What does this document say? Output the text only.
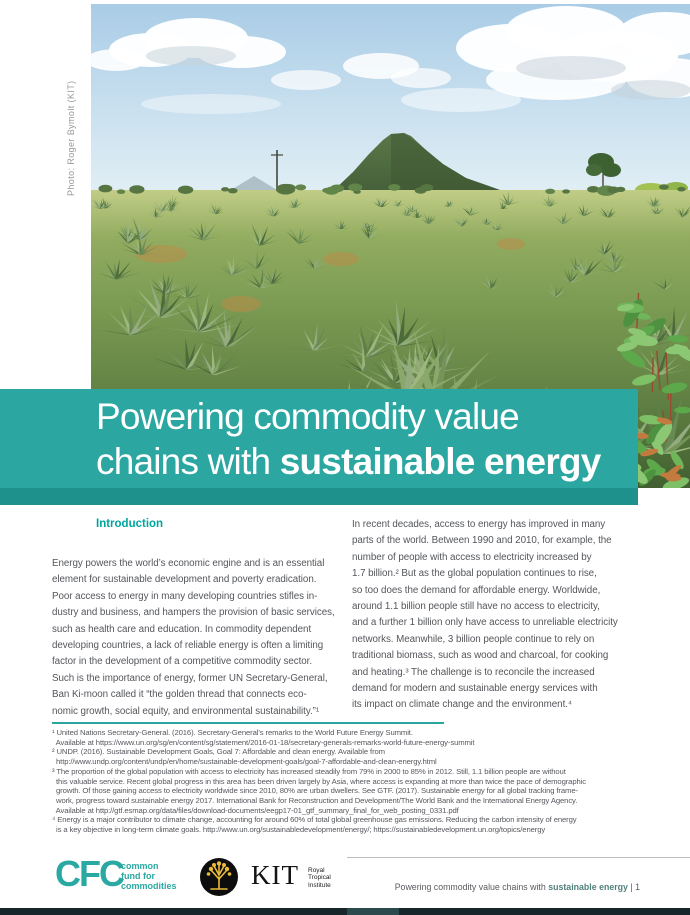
Photo: Roger Bymolt (KIT)
Powering commodity value
chains with sustainable energy
Introduction
Energy powers the world’s economic engine and is an essential
element for sustainable development and poverty eradication.
Poor access to energy in many developing countries stifles in-
dustry and business, and hampers the provision of basic services,
such as health care and education. In commodity dependent
developing countries, a lack of reliable energy is often a limiting
factor in the development of a competitive commodity sector.
Such is the importance of energy, former UN Secretary-General,
Ban Ki-moon called it “the golden thread that connects eco-
nomic growth, social equity, and environmental sustainability.”¹
In recent decades, access to energy has improved in many
parts of the world. Between 1990 and 2010, for example, the
number of people with access to electricity increased by
1.7 billion.² But as the global population continues to rise,
so too does the demand for affordable energy. Worldwide,
around 1.1 billion people still have no access to electricity,
and a further 1 billion only have access to unreliable electricity
networks. Meanwhile, 3 billion people continue to rely on
traditional biomass, such as wood and charcoal, for cooking
and heating.³ The challenge is to reconcile the increased
demand for modern and sustainable energy services with
its impact on climate change and the environment.⁴
¹ United Nations Secretary-General. (2016). Secretary-General’s remarks to the World Future Energy Summit.
Available at https://www.un.org/sg/en/content/sg/statement/2016-01-18/secretary-generals-remarks-world-future-energy-summit
² UNDP. (2016). Sustainable Development Goals, Goal 7: Affordable and clean energy. Available from
http://www.undp.org/content/undp/en/home/sustainable-development-goals/goal-7-affordable-and-clean-energy.html
³ The proportion of the global population with access to electricity has increased steadily from 79% in 2000 to 85% in 2012. Still, 1.1 billion people are without
this valuable service. Recent global progress in this area has been driven largely by Asia, where access is expanding at more than twice the pace of demographic
growth. Of those gaining access to electricity worldwide since 2010, 80% are urban dwellers. See GTF. (2017). Sustainable energy for all global tracking frame-
work, progress toward sustainable energy 2017. International Bank for Reconstruction and Development/The World Bank and the International Energy Agency.
Available at http://gtf.esmap.org/data/files/download-documents/eegp17-01_gtf_summary_final_for_web_posting_0331.pdf
⁴ Energy is a major contributor to climate change, accounting for around 60% of total global greenhouse gas emissions. Reducing the carbon intensity of energy
is a key objective in long-term climate goals. http://www.un.org/sustainabledevelopment/energy/; https://sustainabledevelopment.un.org/topics/energy
CFC
common
fund for
commodities	KIT Royal
Tropical
Institute	Powering commodity value chains with sustainable energy | 1
